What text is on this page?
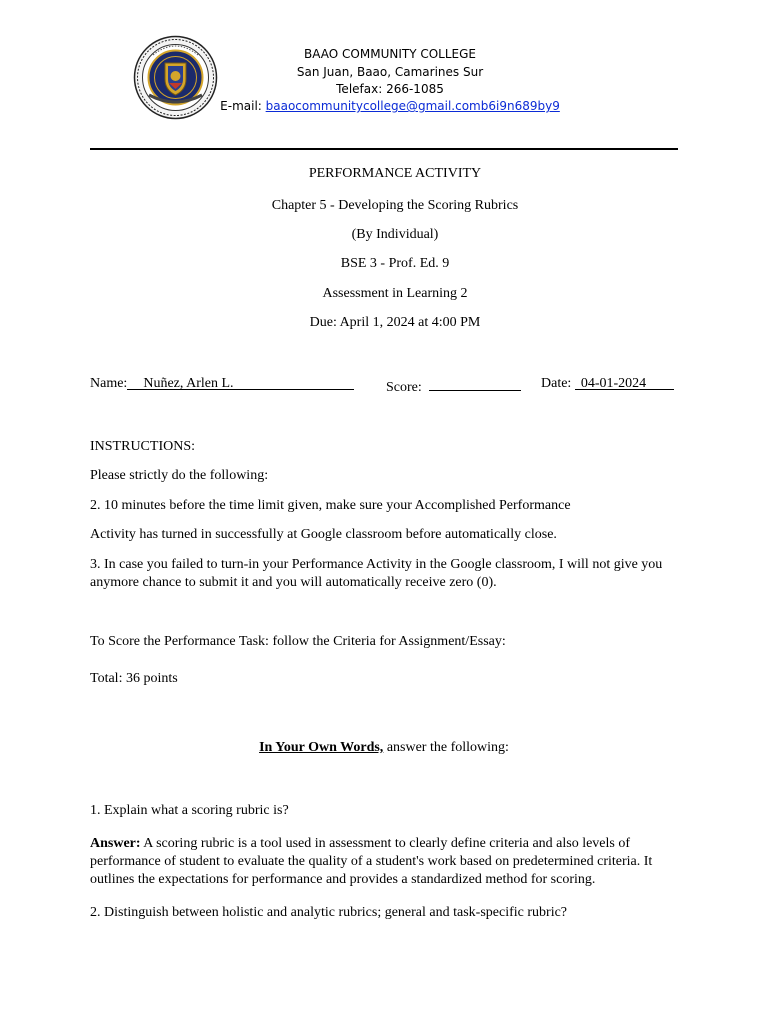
BAAO COMMUNITY COLLEGE
San Juan, Baao, Camarines Sur
Telefax: 266-1085
E-mail: baaocommunitycollege@gmail.comb6i9n689by9
PERFORMANCE ACTIVITY
Chapter 5 - Developing the Scoring Rubrics
(By Individual)
BSE 3 - Prof. Ed. 9
Assessment in Learning 2
Due: April 1, 2024 at 4:00 PM
Name: Nuñez, Arlen L.	Score:	Date: 04-01-2024
INSTRUCTIONS:
Please strictly do the following:
2. 10 minutes before the time limit given, make sure your Accomplished Performance
Activity has turned in successfully at Google classroom before automatically close.
3. In case you failed to turn-in your Performance Activity in the Google classroom, I will not give you anymore chance to submit it and you will automatically receive zero (0).
To Score the Performance Task: follow the Criteria for Assignment/Essay:
Total: 36 points
In Your Own Words, answer the following:
1. Explain what a scoring rubric is?
Answer: A scoring rubric is a tool used in assessment to clearly define criteria and also levels of performance of student to evaluate the quality of a student's work based on predetermined criteria. It outlines the expectations for performance and provides a standardized method for scoring.
2. Distinguish between holistic and analytic rubrics; general and task-specific rubric?
